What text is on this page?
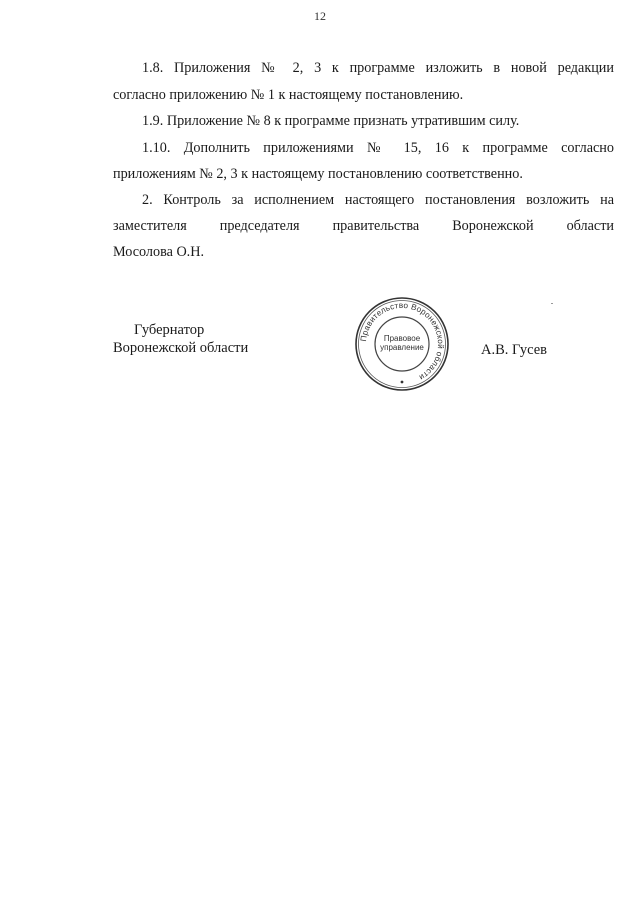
12
1.8. Приложения № 2, 3 к программе изложить в новой редакции
согласно приложению № 1 к настоящему постановлению.
1.9. Приложение № 8 к программе признать утратившим силу.
1.10. Дополнить приложениями № 15, 16 к программе согласно
приложениям № 2, 3 к настоящему постановлению соответственно.
2. Контроль за исполнением настоящего постановления возложить на
заместителя председателя правительства Воронежской области
Мосолова О.Н.
Губернатор
Воронежской области	А.В. Гусев
Правительство Воронежской области
Правовое
управление
